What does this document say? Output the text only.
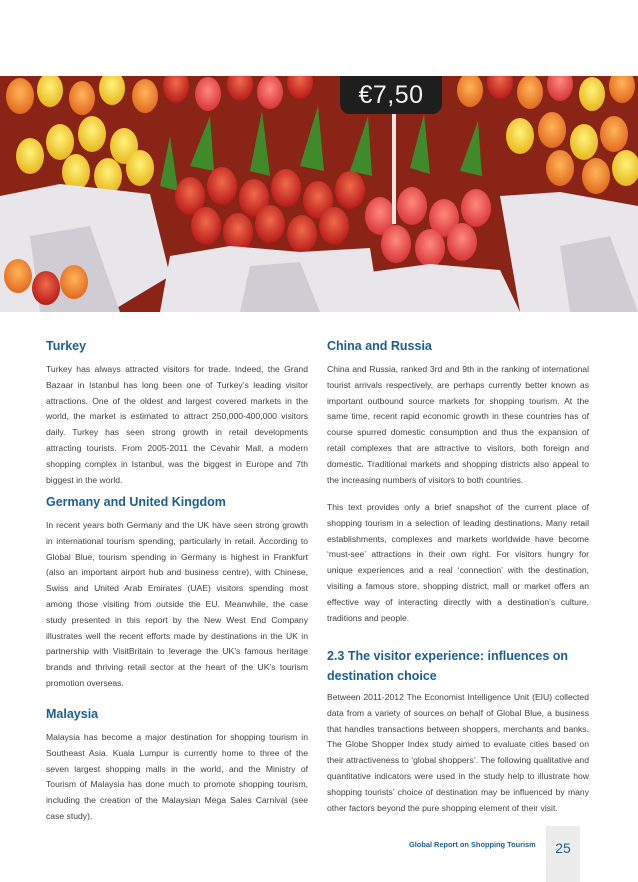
€7,50
Turkey

Turkey has always attracted visitors for trade. Indeed, the Grand Bazaar in Istanbul has long been one of Turkey’s leading visitor attractions. One of the oldest and largest covered markets in the world, the market is estimated to attract 250,000-400,000 visitors daily. Turkey has seen strong growth in retail developments attracting tourists. From 2005-2011 the Cevahir Mall, a modern shopping complex in Istanbul, was the biggest in Europe and 7th biggest in the world.

Germany and United Kingdom

In recent years both Germany and the UK have seen strong growth in international tourism spending, particularly in retail. According to Global Blue, tourism spending in Germany is highest in Frankfurt (also an important airport hub and business centre), with Chinese, Swiss and United Arab Emirates (UAE) visitors spending most among those visiting from outside the EU. Meanwhile, the case study presented in this report by the New West End Company illustrates well the recent efforts made by destinations in the UK in partnership with VisitBritain to leverage the UK’s famous heritage brands and thriving retail sector at the heart of the UK’s tourism promotion overseas.

Malaysia

Malaysia has become a major destination for shopping tourism in Southeast Asia. Kuala Lumpur is currently home to three of the seven largest shopping malls in the world, and the Ministry of Tourism of Malaysia has done much to promote shopping tourism, including the creation of the Malaysian Mega Sales Carnival (see case study).

China and Russia

China and Russia, ranked 3rd and 9th in the ranking of international tourist arrivals respectively, are perhaps currently better known as important outbound source markets for shopping tourism. At the same time, recent rapid economic growth in these countries has of course spurred domestic consumption and thus the expansion of retail complexes that are attractive to visitors, both foreign and domestic. Traditional markets and shopping districts also appeal to the increasing numbers of visitors to both countries.

This text provides only a brief snapshot of the current place of shopping tourism in a selection of leading destinations. Many retail establishments, complexes and markets worldwide have become ‘must-see’ attractions in their own right. For visitors hungry for unique experiences and a real ‘connection’ with the destination, visiting a famous store, shopping district, mall or market offers an effective way of interacting directly with a destination’s culture, traditions and people.

2.3 The visitor experience: influences on destination choice

Between 2011-2012 The Economist Intelligence Unit (EIU) collected data from a variety of sources on behalf of Global Blue, a business that handles transactions between shoppers, merchants and banks. The Globe Shopper Index study aimed to evaluate cities based on their attractiveness to ‘global shoppers’. The following qualitative and quantitative indicators were used in the study help to illustrate how shopping tourists’ choice of destination may be influenced by many other factors beyond the pure shopping element of their visit.

Global Report on Shopping Tourism	25
